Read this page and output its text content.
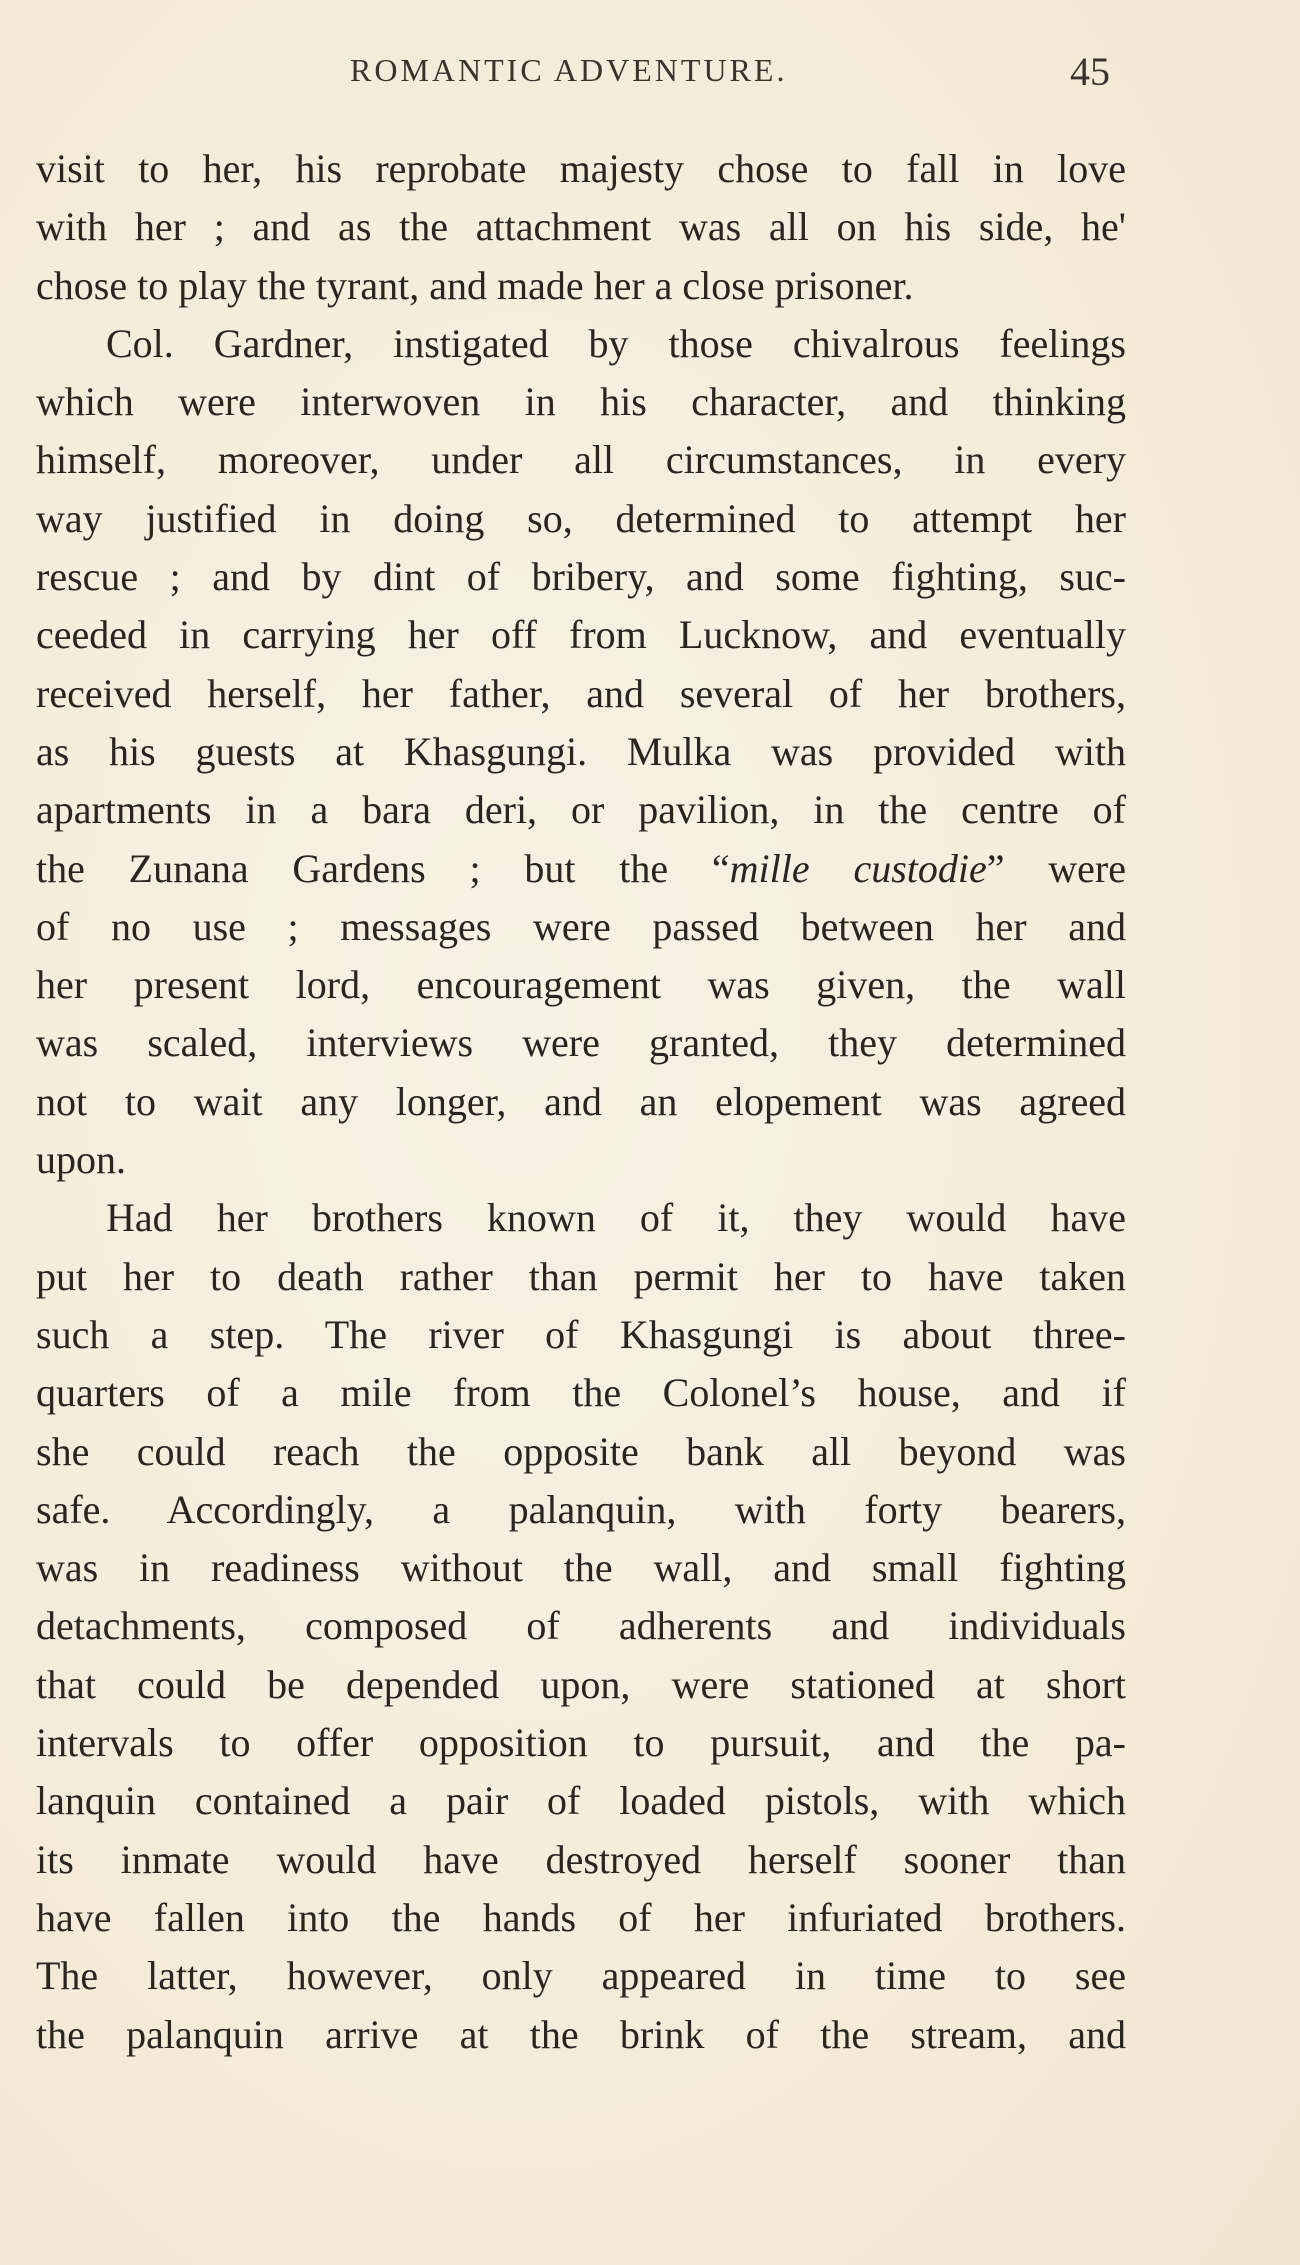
ROMANTIC ADVENTURE.	45
visit to her, his reprobate majesty chose to fall in love
with her ; and as the attachment was all on his side, he'
chose to play the tyrant, and made her a close prisoner.
Col. Gardner, instigated by those chivalrous feelings
which were interwoven in his character, and thinking
himself, moreover, under all circumstances, in every
way justified in doing so, determined to attempt her
rescue ; and by dint of bribery, and some fighting, suc-
ceeded in carrying her off from Lucknow, and eventually
received herself, her father, and several of her brothers,
as his guests at Khasgungi. Mulka was provided with
apartments in a bara deri, or pavilion, in the centre of
the Zunana Gardens ; but the “mille custodie” were
of no use ; messages were passed between her and
her present lord, encouragement was given, the wall
was scaled, interviews were granted, they determined
not to wait any longer, and an elopement was agreed
upon.
Had her brothers known of it, they would have
put her to death rather than permit her to have taken
such a step. The river of Khasgungi is about three-
quarters of a mile from the Colonel’s house, and if
she could reach the opposite bank all beyond was
safe. Accordingly, a palanquin, with forty bearers,
was in readiness without the wall, and small fighting
detachments, composed of adherents and individuals
that could be depended upon, were stationed at short
intervals to offer opposition to pursuit, and the pa-
lanquin contained a pair of loaded pistols, with which
its inmate would have destroyed herself sooner than
have fallen into the hands of her infuriated brothers.
The latter, however, only appeared in time to see
the palanquin arrive at the brink of the stream, and
